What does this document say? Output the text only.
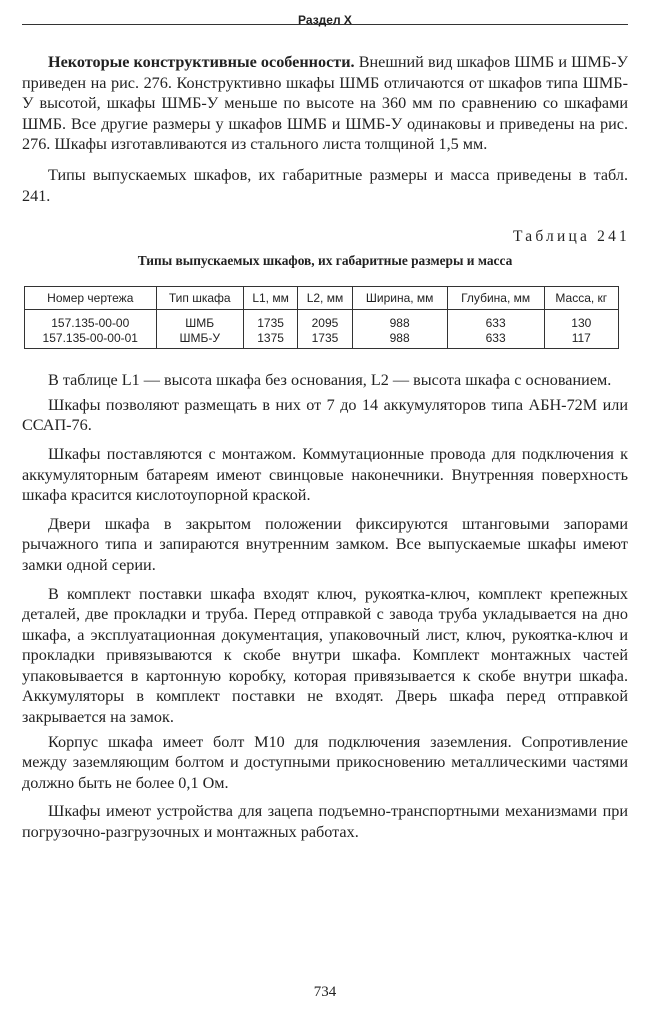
Раздел X

Некоторые конструктивные особенности. Внешний вид шкафов ШМБ и ШМБ-У приведен на рис. 276. Конструктивно шкафы ШМБ отличаются от шкафов типа ШМБ-У высотой, шкафы ШМБ-У меньше по высоте на 360 мм по сравнению со шкафами ШМБ. Все другие размеры у шкафов ШМБ и ШМБ-У одинаковы и приведены на рис. 276. Шкафы изготавливаются из стального листа толщиной 1,5 мм.

Типы выпускаемых шкафов, их габаритные размеры и масса приведены в табл. 241.

Таблица 241
Типы выпускаемых шкафов, их габаритные размеры и масса
Номер чертежа	Тип шкафа	L1, мм	L2, мм	Ширина, мм	Глубина, мм	Масса, кг
157.135-00-00	ШМБ	1735	2095	988	633	130
157.135-00-00-01	ШМБ-У	1375	1735	988	633	117

В таблице L1 — высота шкафа без основания, L2 — высота шкафа с основанием.

Шкафы позволяют размещать в них от 7 до 14 аккумуляторов типа АБН-72М или ССАП-76.

Шкафы поставляются с монтажом. Коммутационные провода для подключения к аккумуляторным батареям имеют свинцовые наконечники. Внутренняя поверхность шкафа красится кислотоупорной краской.

Двери шкафа в закрытом положении фиксируются штанговыми запорами рычажного типа и запираются внутренним замком. Все выпускаемые шкафы имеют замки одной серии.

В комплект поставки шкафа входят ключ, рукоятка-ключ, комплект крепежных деталей, две прокладки и труба. Перед отправкой с завода труба укладывается на дно шкафа, а эксплуатационная документация, упаковочный лист, ключ, рукоятка-ключ и прокладки привязываются к скобе внутри шкафа. Комплект монтажных частей упаковывается в картонную коробку, которая привязывается к скобе внутри шкафа. Аккумуляторы в комплект поставки не входят. Дверь шкафа перед отправкой закрывается на замок.

Корпус шкафа имеет болт М10 для подключения заземления. Сопротивление между заземляющим болтом и доступными прикосновению металлическими частями должно быть не более 0,1 Ом.

Шкафы имеют устройства для зацепа подъемно-транспортными механизмами при погрузочно-разгрузочных и монтажных работах.

734
